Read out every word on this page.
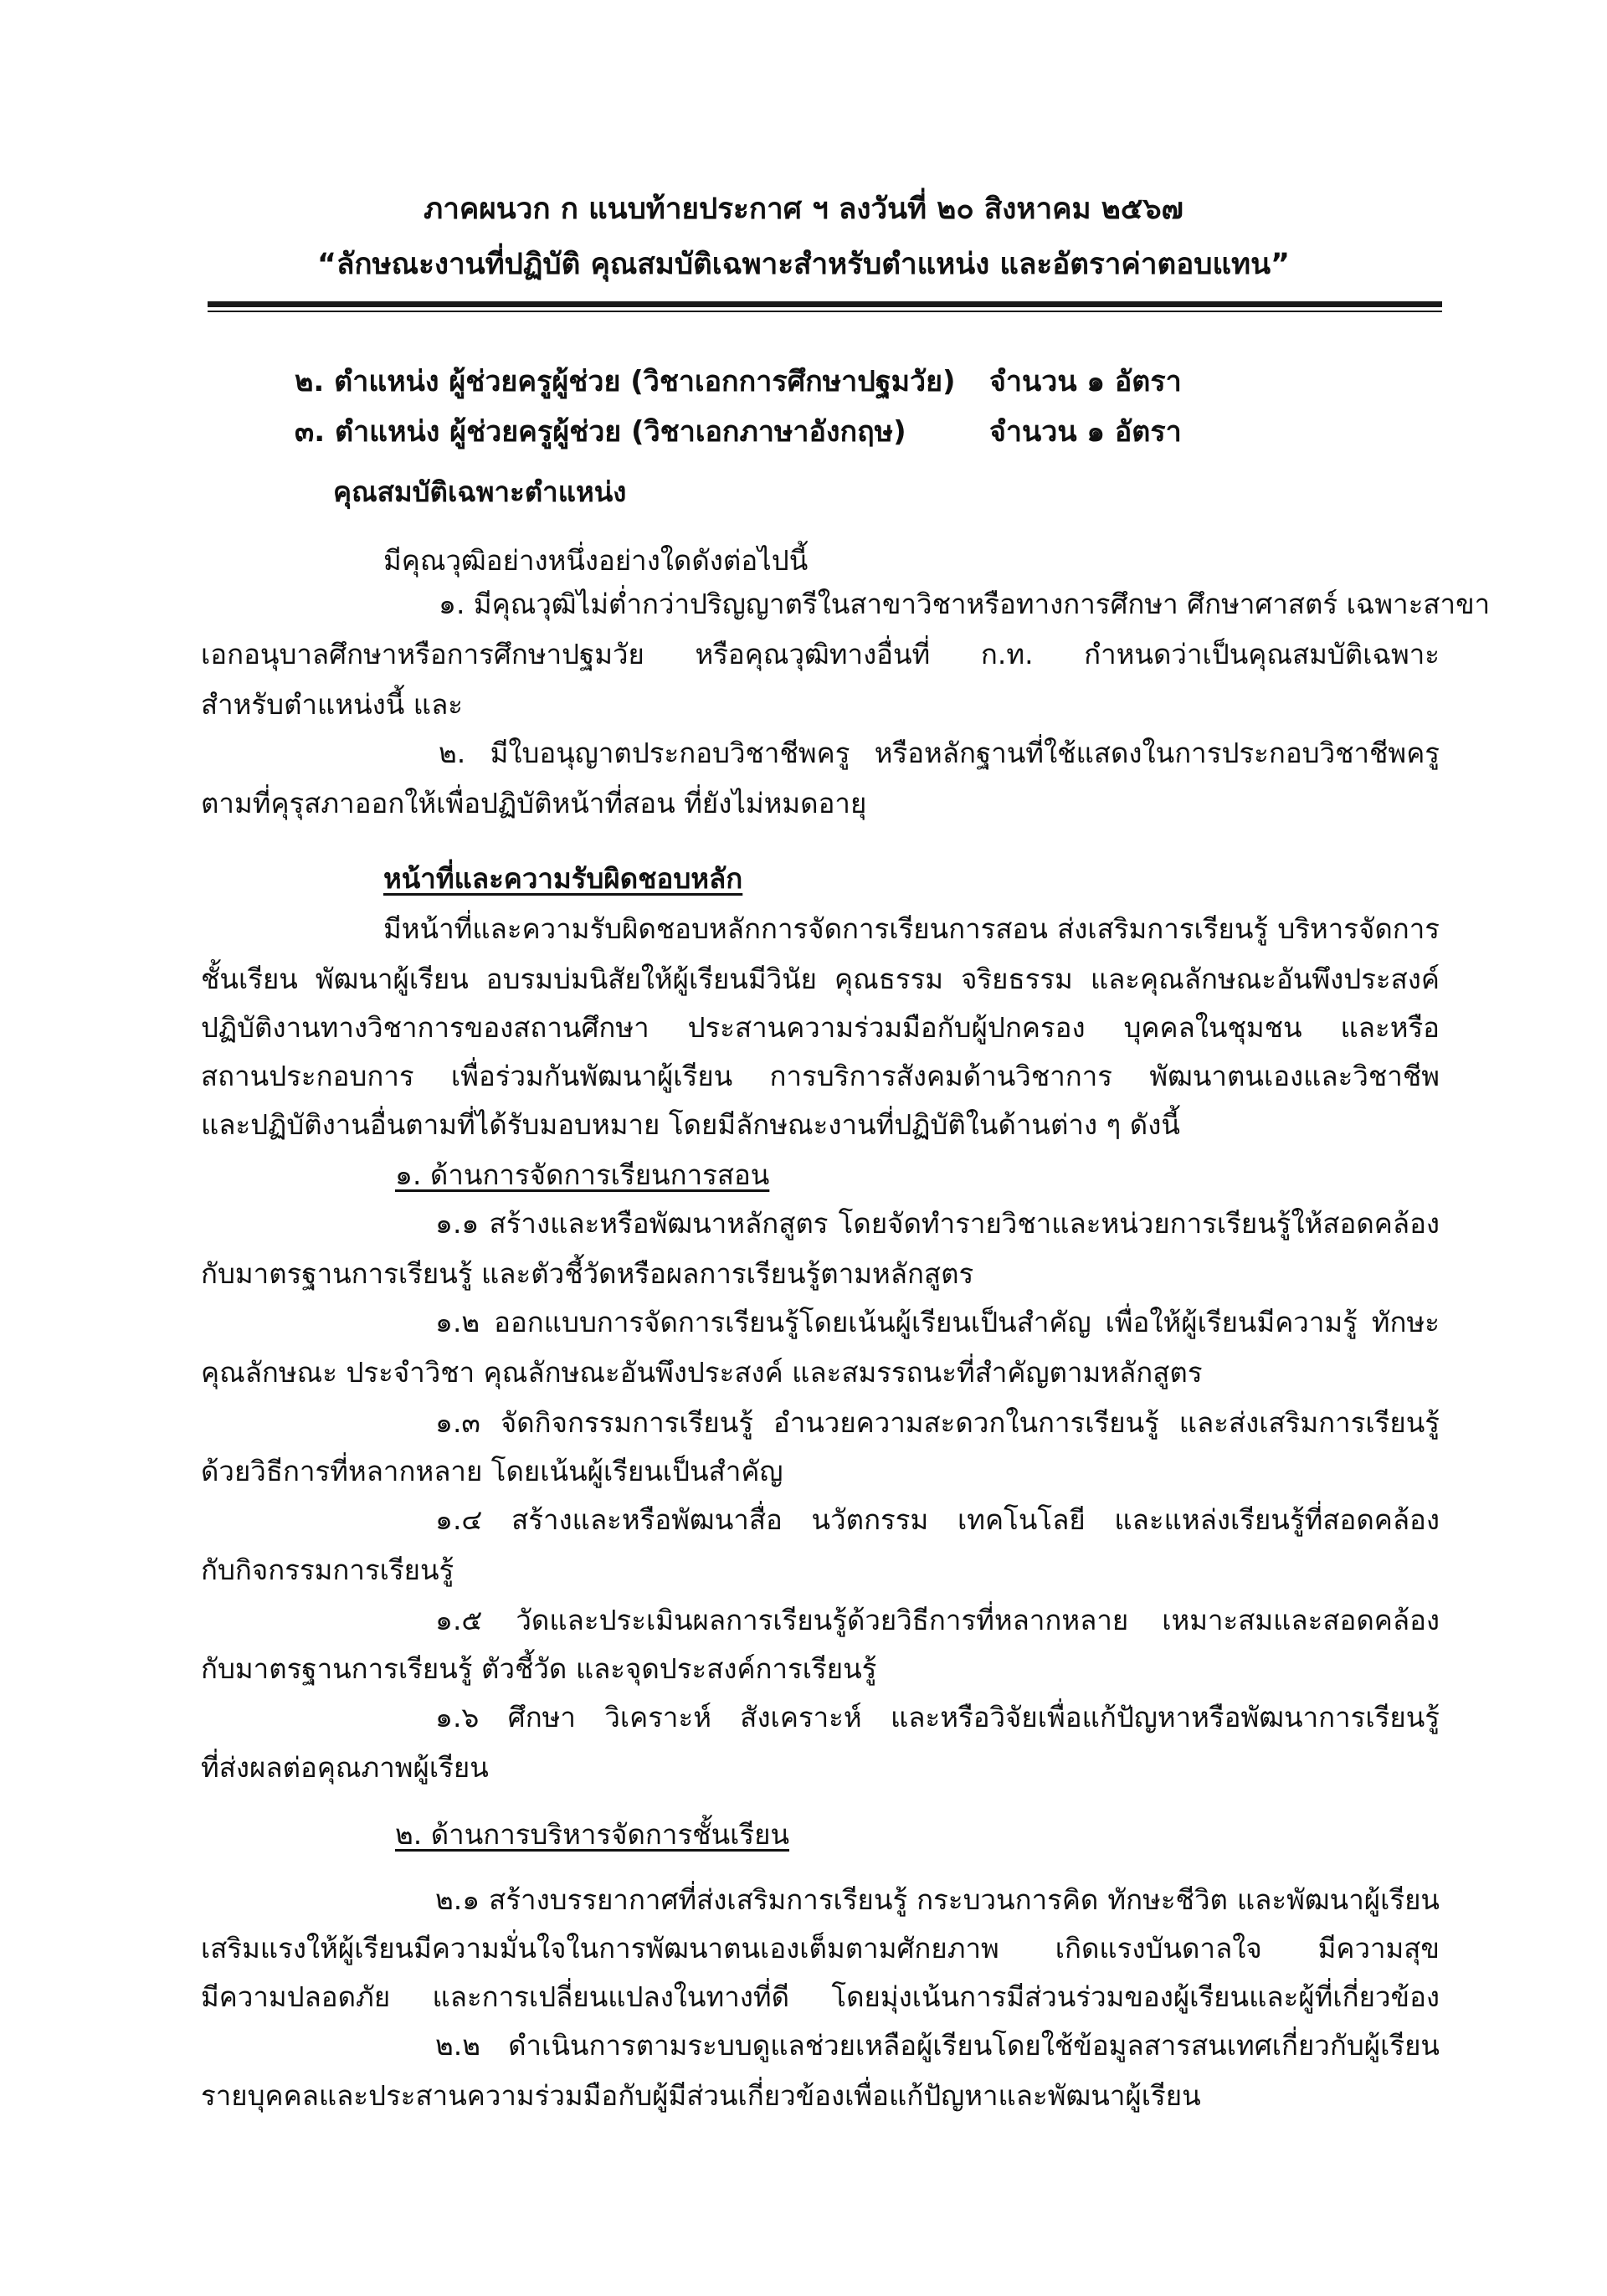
ภาคผนวก ก แนบท้ายประกาศ ฯ ลงวันที่ ๒๐ สิงหาคม ๒๕๖๗
“ลักษณะงานที่ปฏิบัติ คุณสมบัติเฉพาะสำหรับตำแหน่ง และอัตราค่าตอบแทน”
๒. ตำแหน่ง ผู้ช่วยครูผู้ช่วย (วิชาเอกการศึกษาปฐมวัย) จำนวน ๑ อัตรา
๓. ตำแหน่ง ผู้ช่วยครูผู้ช่วย (วิชาเอกภาษาอังกฤษ)	จำนวน ๑ อัตรา
คุณสมบัติเฉพาะตำแหน่ง
มีคุณวุฒิอย่างหนึ่งอย่างใดดังต่อไปนี้
๑. มีคุณวุฒิไม่ต่ำกว่าปริญญาตรีในสาขาวิชาหรือทางการศึกษา ศึกษาศาสตร์ เฉพาะสาขา
เอกอนุบาลศึกษาหรือการศึกษาปฐมวัย หรือคุณวุฒิทางอื่นที่ ก.ท. กำหนดว่าเป็นคุณสมบัติเฉพาะ
สำหรับตำแหน่งนี้ และ
๒. มีใบอนุญาตประกอบวิชาชีพครู หรือหลักฐานที่ใช้แสดงในการประกอบวิชาชีพครู
ตามที่คุรุสภาออกให้เพื่อปฏิบัติหน้าที่สอน ที่ยังไม่หมดอายุ
หน้าที่และความรับผิดชอบหลัก
มีหน้าที่และความรับผิดชอบหลักการจัดการเรียนการสอน ส่งเสริมการเรียนรู้ บริหารจัดการ
ชั้นเรียน พัฒนาผู้เรียน อบรมบ่มนิสัยให้ผู้เรียนมีวินัย คุณธรรม จริยธรรม และคุณลักษณะอันพึงประสงค์
ปฏิบัติงานทางวิชาการของสถานศึกษา ประสานความร่วมมือกับผู้ปกครอง บุคคลในชุมชน และหรือ
สถานประกอบการ เพื่อร่วมกันพัฒนาผู้เรียน การบริการสังคมด้านวิชาการ พัฒนาตนเองและวิชาชีพ
และปฏิบัติงานอื่นตามที่ได้รับมอบหมาย โดยมีลักษณะงานที่ปฏิบัติในด้านต่าง ๆ ดังนี้
๑. ด้านการจัดการเรียนการสอน
๑.๑ สร้างและหรือพัฒนาหลักสูตร โดยจัดทำรายวิชาและหน่วยการเรียนรู้ให้สอดคล้อง
กับมาตรฐานการเรียนรู้ และตัวชี้วัดหรือผลการเรียนรู้ตามหลักสูตร
๑.๒ ออกแบบการจัดการเรียนรู้โดยเน้นผู้เรียนเป็นสำคัญ เพื่อให้ผู้เรียนมีความรู้ ทักษะ
คุณลักษณะ ประจำวิชา คุณลักษณะอันพึงประสงค์ และสมรรถนะที่สำคัญตามหลักสูตร
๑.๓ จัดกิจกรรมการเรียนรู้ อำนวยความสะดวกในการเรียนรู้ และส่งเสริมการเรียนรู้
ด้วยวิธีการที่หลากหลาย โดยเน้นผู้เรียนเป็นสำคัญ
๑.๔ สร้างและหรือพัฒนาสื่อ นวัตกรรม เทคโนโลยี และแหล่งเรียนรู้ที่สอดคล้อง
กับกิจกรรมการเรียนรู้
๑.๕ วัดและประเมินผลการเรียนรู้ด้วยวิธีการที่หลากหลาย เหมาะสมและสอดคล้อง
กับมาตรฐานการเรียนรู้ ตัวชี้วัด และจุดประสงค์การเรียนรู้
๑.๖ ศึกษา วิเคราะห์ สังเคราะห์ และหรือวิจัยเพื่อแก้ปัญหาหรือพัฒนาการเรียนรู้
ที่ส่งผลต่อคุณภาพผู้เรียน
๒. ด้านการบริหารจัดการชั้นเรียน
๒.๑ สร้างบรรยากาศที่ส่งเสริมการเรียนรู้ กระบวนการคิด ทักษะชีวิต และพัฒนาผู้เรียน
เสริมแรงให้ผู้เรียนมีความมั่นใจในการพัฒนาตนเองเต็มตามศักยภาพ เกิดแรงบันดาลใจ มีความสุข
มีความปลอดภัย และการเปลี่ยนแปลงในทางที่ดี โดยมุ่งเน้นการมีส่วนร่วมของผู้เรียนและผู้ที่เกี่ยวข้อง
๒.๒ ดำเนินการตามระบบดูแลช่วยเหลือผู้เรียนโดยใช้ข้อมูลสารสนเทศเกี่ยวกับผู้เรียน
รายบุคคลและประสานความร่วมมือกับผู้มีส่วนเกี่ยวข้องเพื่อแก้ปัญหาและพัฒนาผู้เรียน
